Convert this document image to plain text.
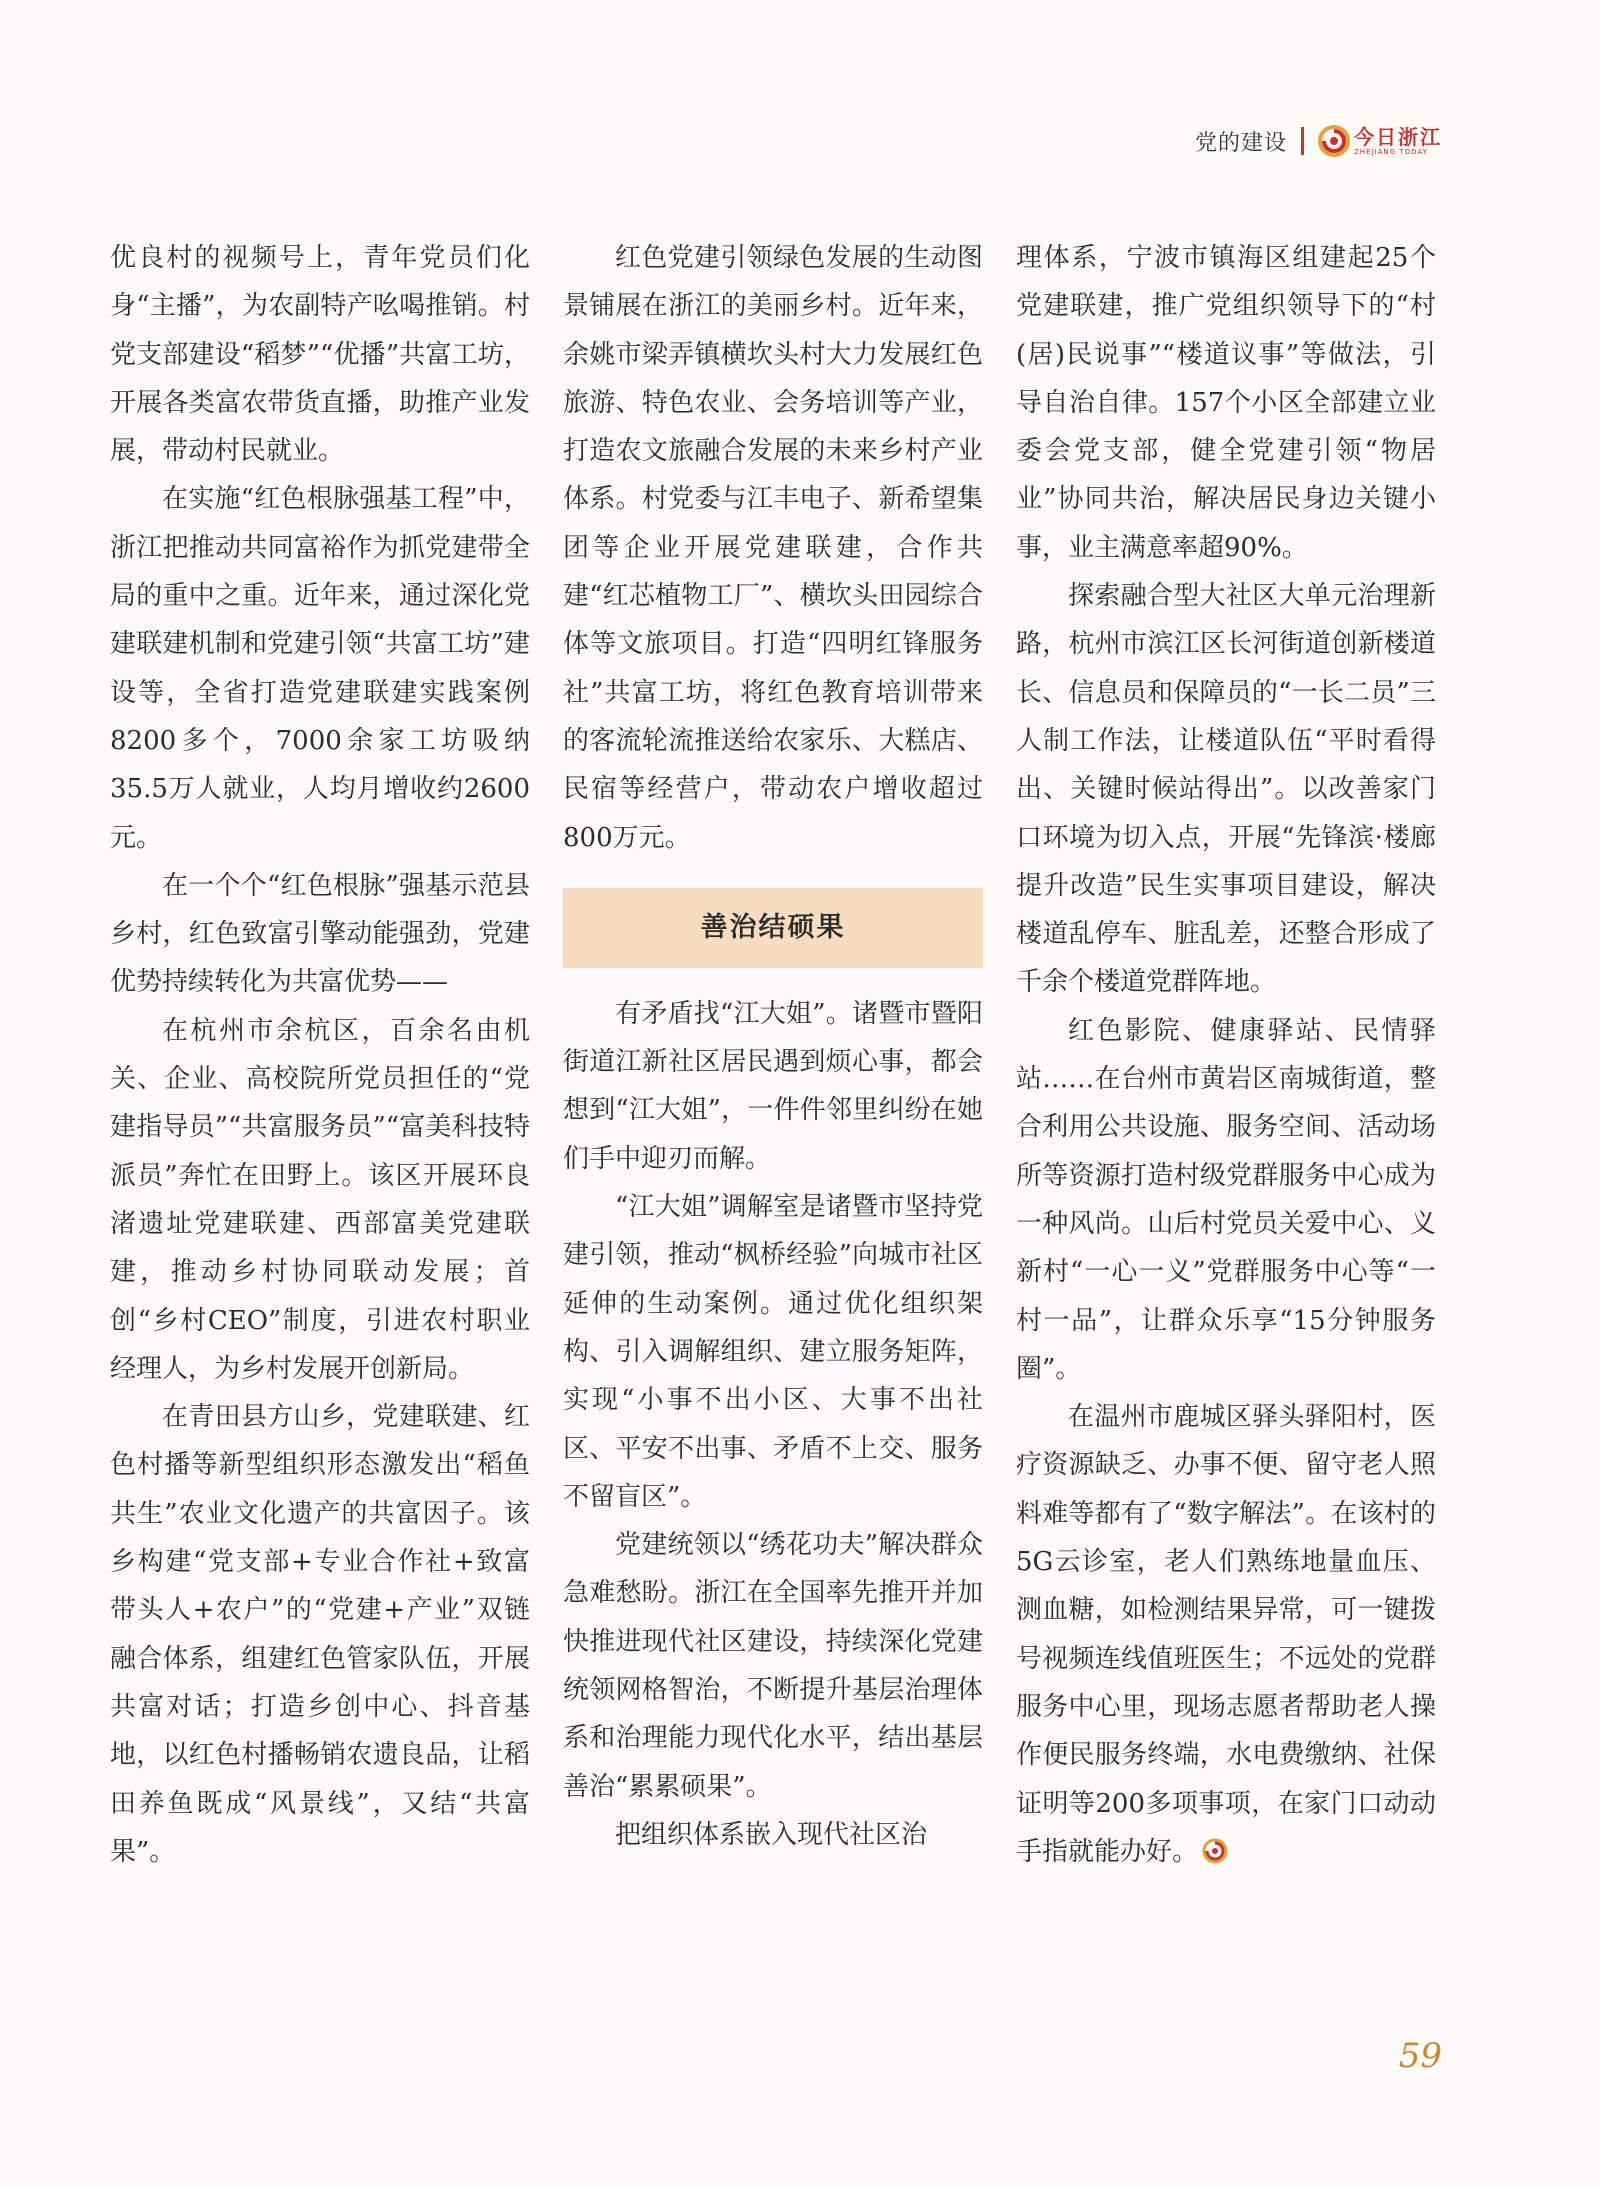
党的建设	今日浙江
ZHEJIANG TODAY

优良村的视频号上，青年党员们化身“主播”，为农副特产吆喝推销。村党支部建设“稻梦”“优播”共富工坊，开展各类富农带货直播，助推产业发展，带动村民就业。

在实施“红色根脉强基工程”中，浙江把推动共同富裕作为抓党建带全局的重中之重。近年来，通过深化党建联建机制和党建引领“共富工坊”建设等，全省打造党建联建实践案例8200多个，7000余家工坊吸纳35.5万人就业，人均月增收约2600元。

在一个个“红色根脉”强基示范县乡村，红色致富引擎动能强劲，党建优势持续转化为共富优势——

在杭州市余杭区，百余名由机关、企业、高校院所党员担任的“党建指导员”“共富服务员”“富美科技特派员”奔忙在田野上。该区开展环良渚遗址党建联建、西部富美党建联建，推动乡村协同联动发展；首创“乡村CEO”制度，引进农村职业经理人，为乡村发展开创新局。

在青田县方山乡，党建联建、红色村播等新型组织形态激发出“稻鱼共生”农业文化遗产的共富因子。该乡构建“党支部+专业合作社+致富带头人+农户”的“党建+产业”双链融合体系，组建红色管家队伍，开展共富对话；打造乡创中心、抖音基地，以红色村播畅销农遗良品，让稻田养鱼既成“风景线”，又结“共富果”。

红色党建引领绿色发展的生动图景铺展在浙江的美丽乡村。近年来，余姚市梁弄镇横坎头村大力发展红色旅游、特色农业、会务培训等产业，打造农文旅融合发展的未来乡村产业体系。村党委与江丰电子、新希望集团等企业开展党建联建，合作共建“红芯植物工厂”、横坎头田园综合体等文旅项目。打造“四明红锋服务社”共富工坊，将红色教育培训带来的客流轮流推送给农家乐、大糕店、民宿等经营户，带动农户增收超过800万元。

善治结硕果

有矛盾找“江大姐”。诸暨市暨阳街道江新社区居民遇到烦心事，都会想到“江大姐”，一件件邻里纠纷在她们手中迎刃而解。

“江大姐”调解室是诸暨市坚持党建引领，推动“枫桥经验”向城市社区延伸的生动案例。通过优化组织架构、引入调解组织、建立服务矩阵，实现“小事不出小区、大事不出社区、平安不出事、矛盾不上交、服务不留盲区”。

党建统领以“绣花功夫”解决群众急难愁盼。浙江在全国率先推开并加快推进现代社区建设，持续深化党建统领网格智治，不断提升基层治理体系和治理能力现代化水平，结出基层善治“累累硕果”。

把组织体系嵌入现代社区治

理体系，宁波市镇海区组建起25个党建联建，推广党组织领导下的“村(居)民说事”“楼道议事”等做法，引导自治自律。157个小区全部建立业委会党支部，健全党建引领“物居业”协同共治，解决居民身边关键小事，业主满意率超90%。

探索融合型大社区大单元治理新路，杭州市滨江区长河街道创新楼道长、信息员和保障员的“一长二员”三人制工作法，让楼道队伍“平时看得出、关键时候站得出”。以改善家门口环境为切入点，开展“先锋滨·楼廊提升改造”民生实事项目建设，解决楼道乱停车、脏乱差，还整合形成了千余个楼道党群阵地。

红色影院、健康驿站、民情驿站……在台州市黄岩区南城街道，整合利用公共设施、服务空间、活动场所等资源打造村级党群服务中心成为一种风尚。山后村党员关爱中心、义新村“一心一义”党群服务中心等“一村一品”，让群众乐享“15分钟服务圈”。

在温州市鹿城区驿头驿阳村，医疗资源缺乏、办事不便、留守老人照料难等都有了“数字解法”。在该村的5G云诊室，老人们熟练地量血压、测血糖，如检测结果异常，可一键拨号视频连线值班医生；不远处的党群服务中心里，现场志愿者帮助老人操作便民服务终端，水电费缴纳、社保证明等200多项事项，在家门口动动手指就能办好。

59
